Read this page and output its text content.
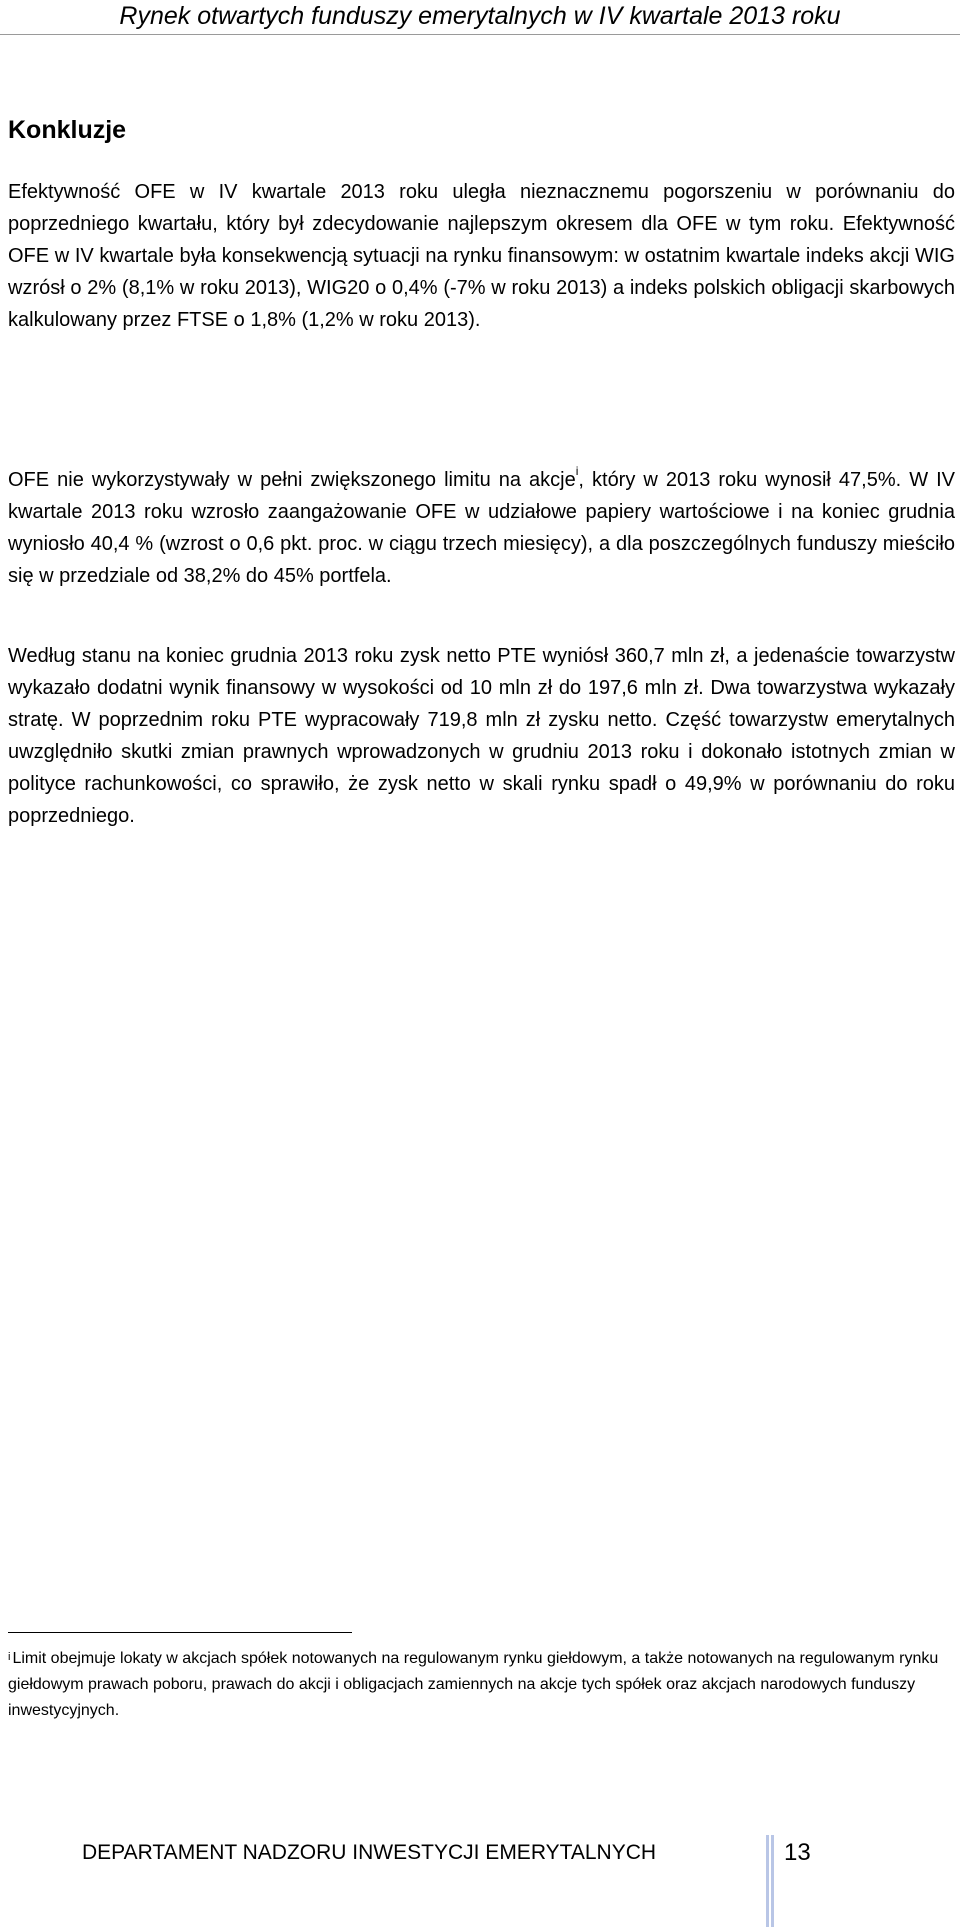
Rynek otwartych funduszy emerytalnych w IV kwartale 2013 roku
Konkluzje

Efektywność OFE w IV kwartale 2013 roku uległa nieznacznemu pogorszeniu w porównaniu do poprzedniego kwartału, który był zdecydowanie najlepszym okresem dla OFE w tym roku. Efektywność OFE w IV kwartale była konsekwencją sytuacji na rynku finansowym: w ostatnim kwartale indeks akcji WIG wzrósł o 2% (8,1% w roku 2013), WIG20 o 0,4% (-7% w roku 2013) a indeks polskich obligacji skarbowych kalkulowany przez FTSE o 1,8% (1,2% w roku 2013).

OFE nie wykorzystywały w pełni zwiększonego limitu na akcje$^i$, który w 2013 roku wynosił 47,5%. W IV kwartale 2013 roku wzrosło zaangażowanie OFE w udziałowe papiery wartościowe i na koniec grudnia wyniosło 40,4 % (wzrost o 0,6 pkt. proc. w ciągu trzech miesięcy), a dla poszczególnych funduszy mieściło się w przedziale od 38,2% do 45% portfela.

Według stanu na koniec grudnia 2013 roku zysk netto PTE wyniósł 360,7 mln zł, a jedenaście towarzystw wykazało dodatni wynik finansowy w wysokości od 10 mln zł do 197,6 mln zł. Dwa towarzystwa wykazały stratę. W poprzednim roku PTE wypracowały 719,8 mln zł zysku netto. Część towarzystw emerytalnych uwzględniło skutki zmian prawnych wprowadzonych w grudniu 2013 roku i dokonało istotnych zmian w polityce rachunkowości, co sprawiło, że zysk netto w skali rynku spadł o 49,9% w porównaniu do roku poprzedniego.

$^i$ Limit obejmuje lokaty w akcjach spółek notowanych na regulowanym rynku giełdowym, a także notowanych na regulowanym rynku giełdowym prawach poboru, prawach do akcji i obligacjach zamiennych na akcje tych spółek oraz akcjach narodowych funduszy inwestycyjnych.

DEPARTAMENT NADZORU INWESTYCJI EMERYTALNYCH	13
